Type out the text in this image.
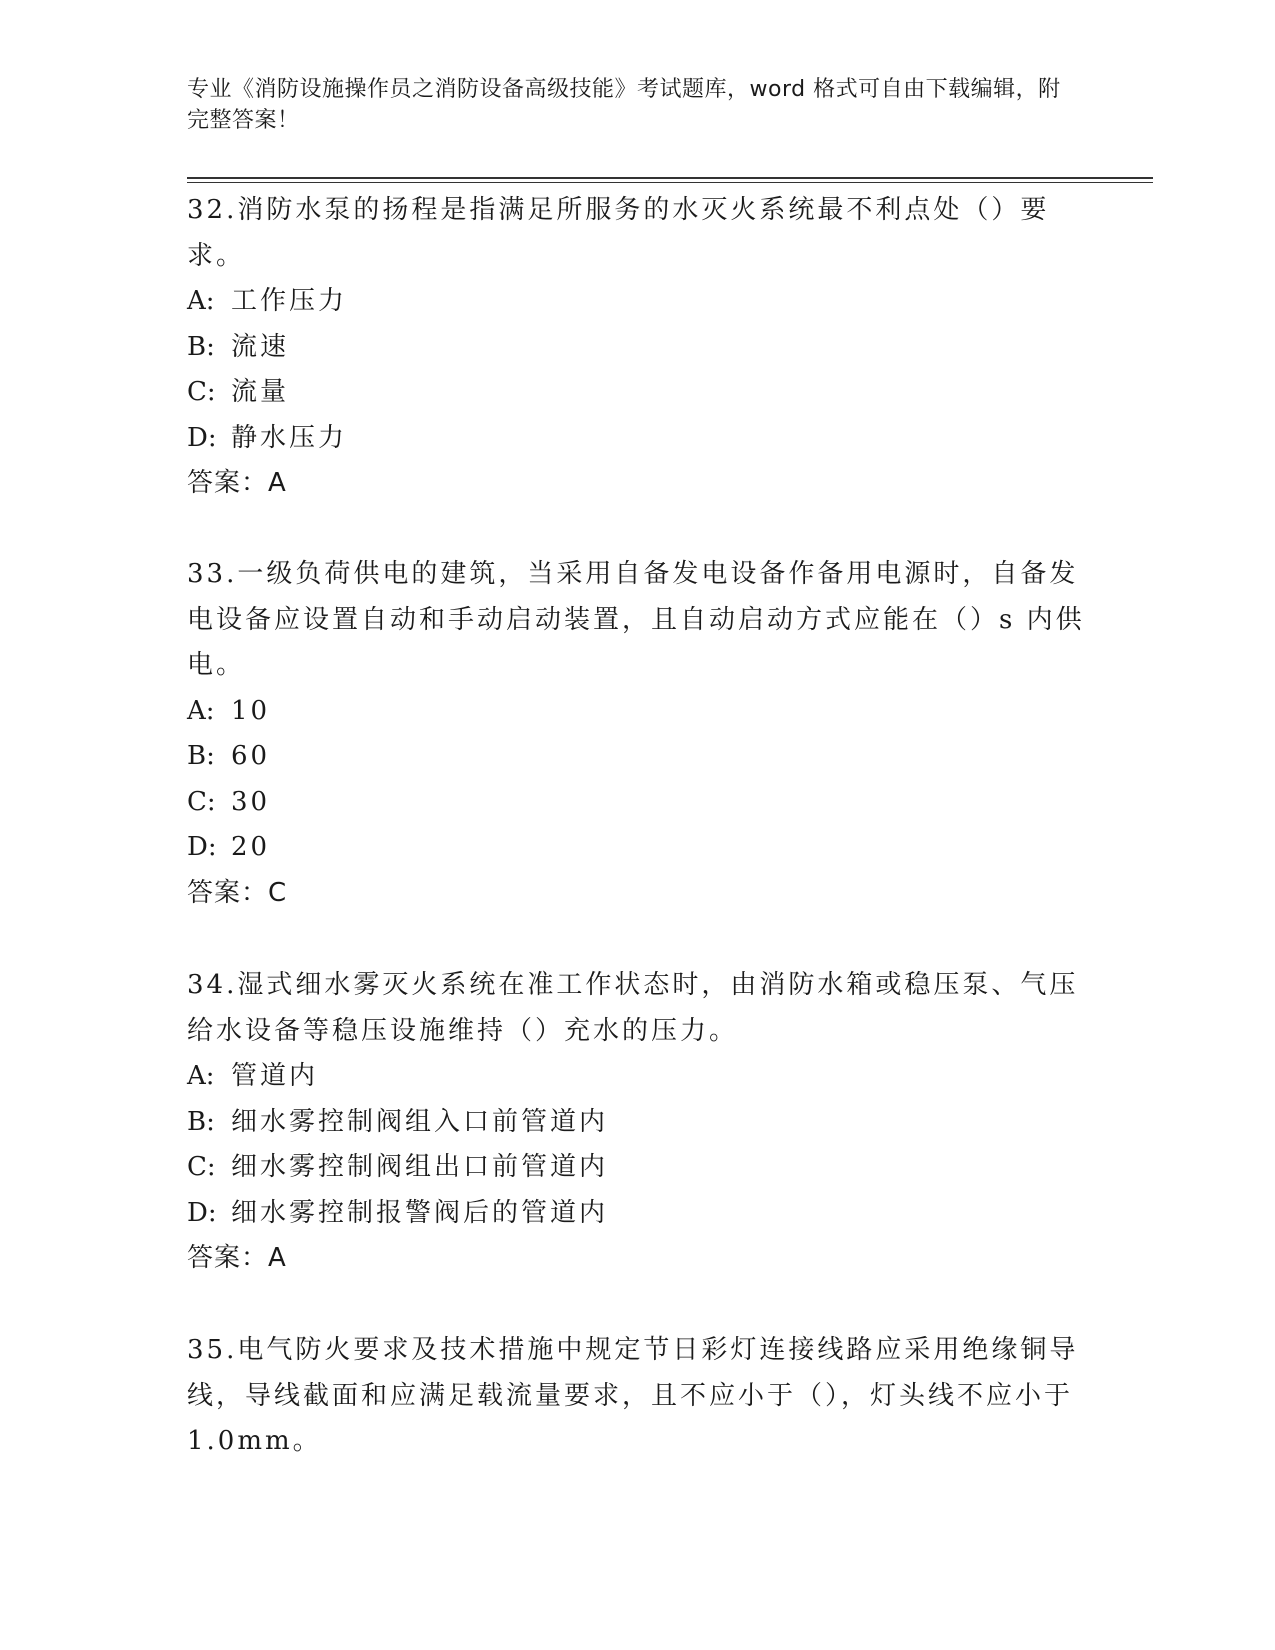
专业《消防设施操作员之消防设备高级技能》考试题库，word 格式可自由下载编辑，附完整答案！

32.消防水泵的扬程是指满足所服务的水灭火系统最不利点处（）要求。

A: 工作压力

B: 流速

C: 流量

D: 静水压力

答案：A

33.一级负荷供电的建筑，当采用自备发电设备作备用电源时，自备发电设备应设置自动和手动启动装置，且自动启动方式应能在（）s 内供电。

A: 10

B: 60

C: 30

D: 20

答案：C

34.湿式细水雾灭火系统在准工作状态时，由消防水箱或稳压泵、气压给水设备等稳压设施维持（）充水的压力。

A: 管道内

B: 细水雾控制阀组入口前管道内

C: 细水雾控制阀组出口前管道内

D: 细水雾控制报警阀后的管道内

答案：A

35.电气防火要求及技术措施中规定节日彩灯连接线路应采用绝缘铜导线，导线截面和应满足载流量要求，且不应小于（），灯头线不应小于 1.0mm。
